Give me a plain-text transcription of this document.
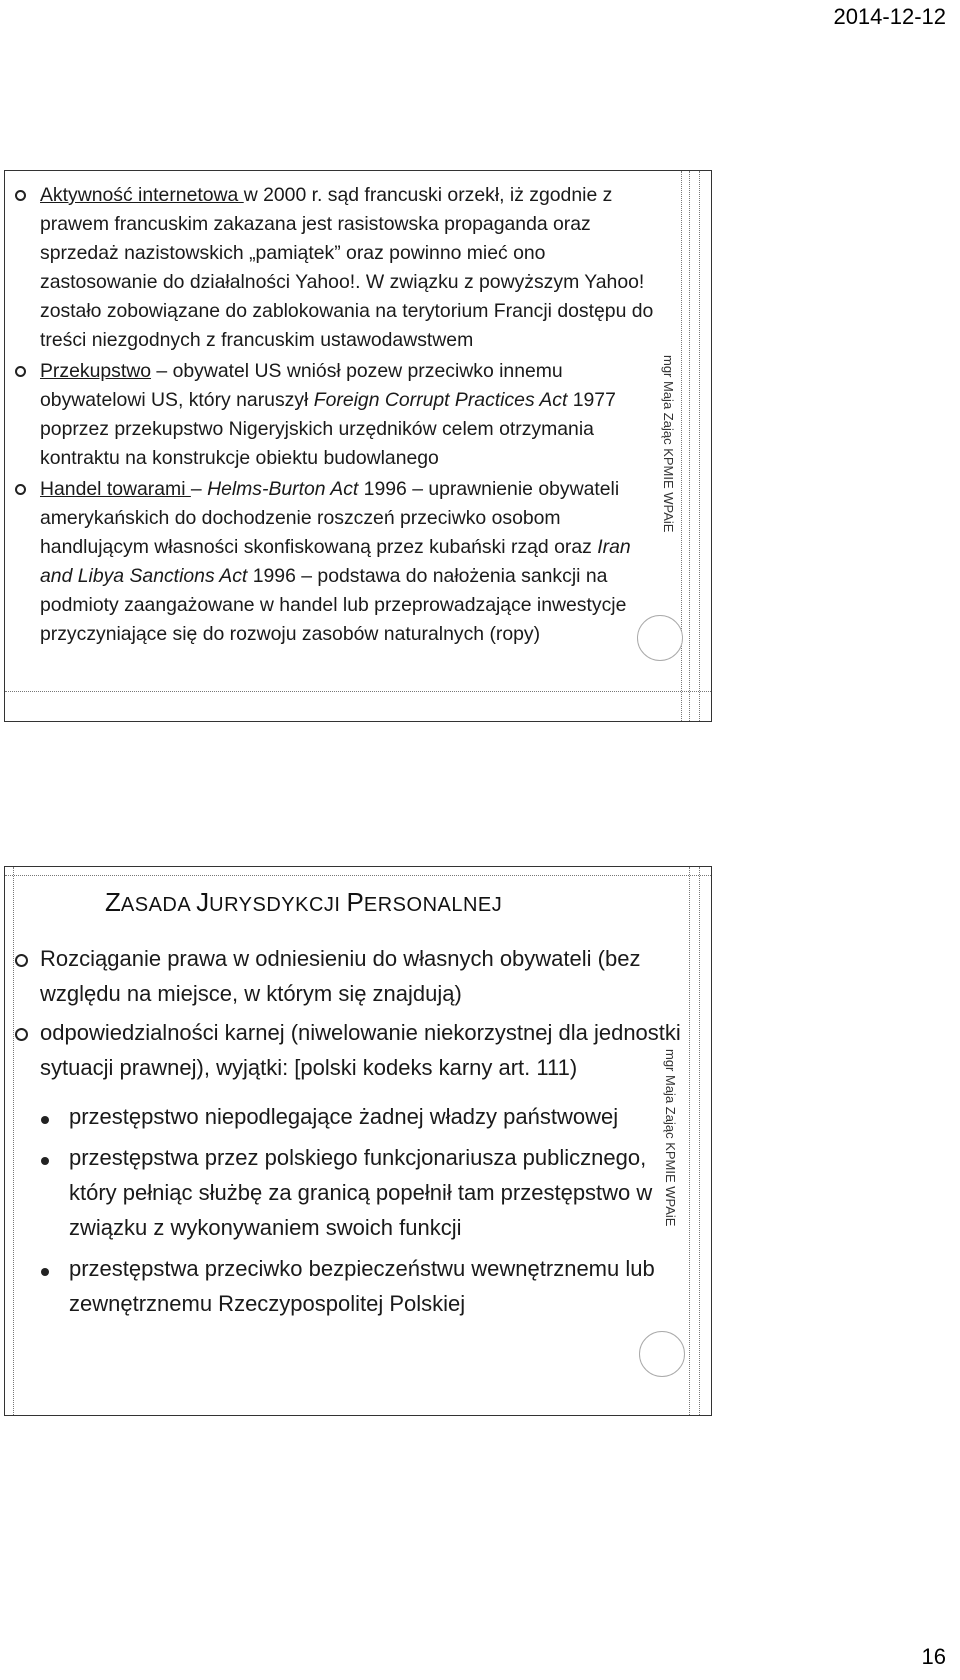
2014-12-12
Aktywność internetowa w 2000 r. sąd francuski orzekł, iż zgodnie z prawem francuskim zakazana jest rasistowska propaganda oraz sprzedaż nazistowskich „pamiątek” oraz powinno mieć ono zastosowanie do działalności Yahoo!. W związku z powyższym Yahoo! zostało zobowiązane do zablokowania na terytorium Francji dostępu do treści niezgodnych z francuskim ustawodawstwem
Przekupstwo – obywatel US wniósł pozew przeciwko innemu obywatelowi US, który naruszył Foreign Corrupt Practices Act 1977 poprzez przekupstwo Nigeryjskich urzędników celem otrzymania kontraktu na konstrukcje obiektu budowlanego
Handel towarami – Helms-Burton Act 1996 – uprawnienie obywateli amerykańskich do dochodzenie roszczeń przeciwko osobom handlującym własności skonfiskowaną przez kubański rząd oraz Iran and Libya Sanctions Act 1996 – podstawa do nałożenia sankcji na podmioty zaangażowane w handel lub przeprowadzające inwestycje przyczyniające się do rozwoju zasobów naturalnych (ropy)
mgr Maja Zając KPMIE WPAiE
ZASADA JURYSDYKCJI PERSONALNEJ
Rozciąganie prawa w odniesieniu do własnych obywateli (bez względu na miejsce, w którym się znajdują)
odpowiedzialności karnej (niwelowanie niekorzystnej dla jednostki sytuacji prawnej), wyjątki: [polski kodeks karny art. 111)
przestępstwo niepodlegające żadnej władzy państwowej
przestępstwa przez polskiego funkcjonariusza publicznego, który pełniąc służbę za granicą popełnił tam przestępstwo w związku z wykonywaniem swoich funkcji
przestępstwa przeciwko bezpieczeństwu wewnętrznemu lub zewnętrznemu Rzeczypospolitej Polskiej
mgr Maja Zając KPMIE WPAiE
16
